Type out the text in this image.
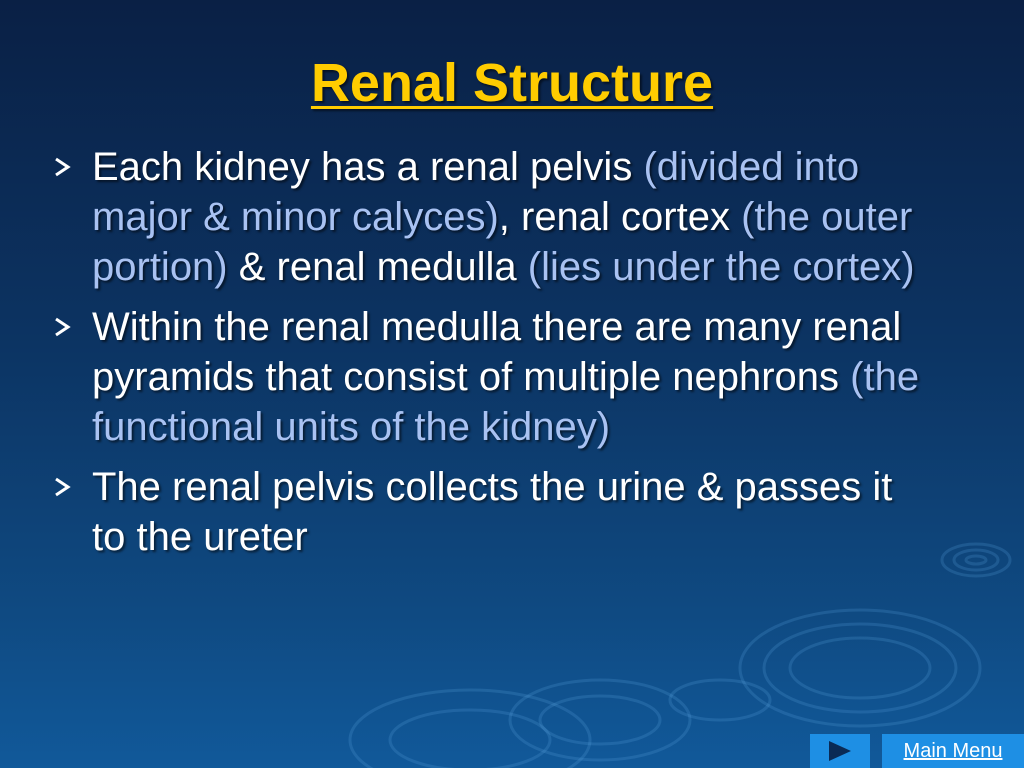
Renal Structure
Each kidney has a renal pelvis (divided into major & minor calyces), renal cortex (the outer portion) & renal medulla (lies under the cortex)
Within the renal medulla there are many renal pyramids that consist of multiple nephrons (the functional units of the kidney)
The renal pelvis collects the urine & passes it to the ureter
Main Menu
